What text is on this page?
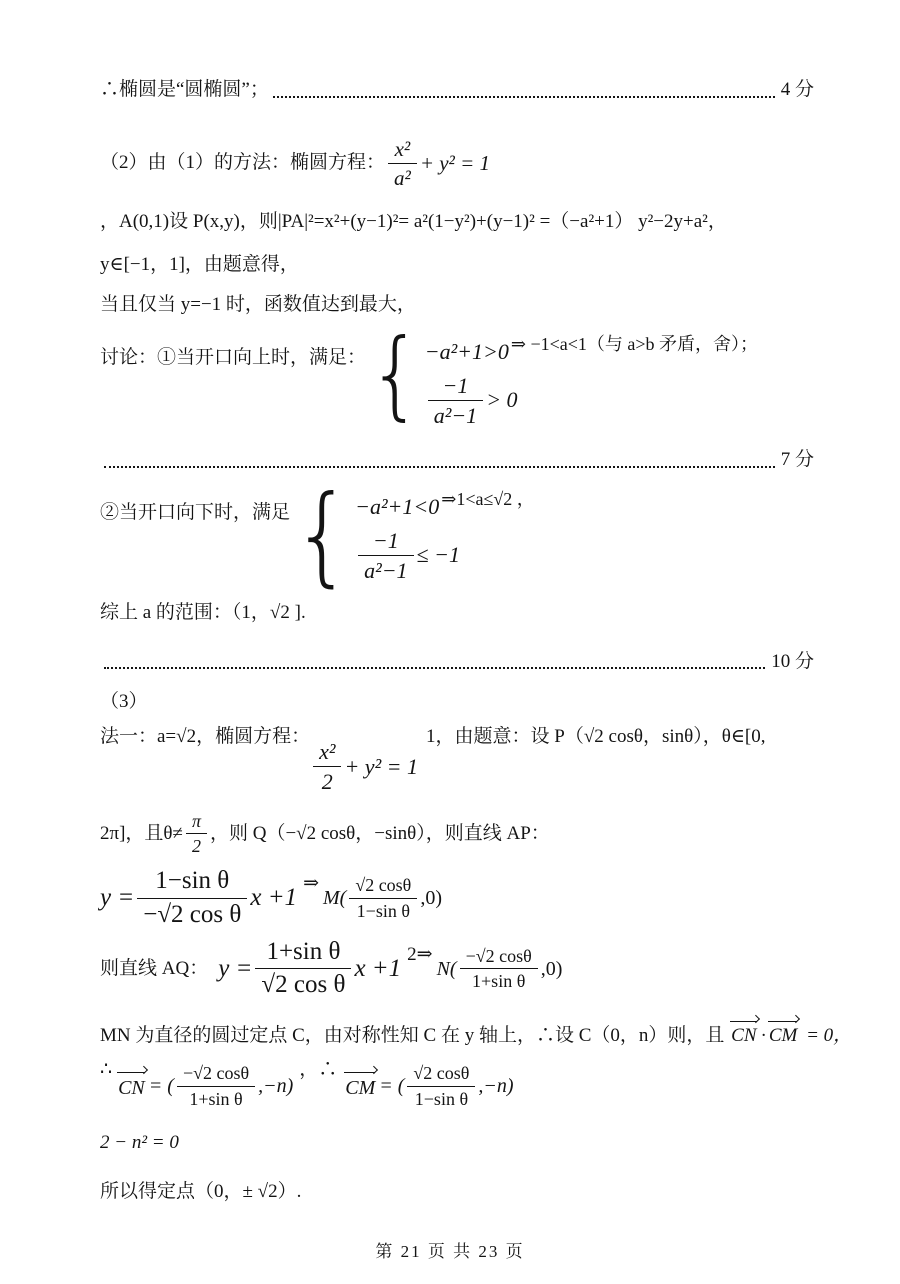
∴椭圆是“圆椭圆”；	4 分
（2）由（1）的方法：椭圆方程： $\frac{\text{x²}}{\text{a²}} + y^2 = 1$
，A(0,1)设 P(x,y)，则|PA|²=x²+(y−1)²= a²(1−y²)+(y−1)² =（−a²+1） y²−2y+a²，
y∈[−1，1]，由题意得，
当且仅当 y=−1 时，函数值达到最大，
讨论：①当开口向上时，满足： { −a²+1>0 ⇒ −1<a<1（与 a>b 矛盾，舍）；
$\frac{-1}{\text{a²−1}} > 0$
7 分
②当开口向下时，满足 { −a²+1<0 ⇒1<a≤√2 ，
$\frac{-1}{\text{a²−1}} \le -1$
综上 a 的范围：（1，√2 ].
10 分
（3）
法一：a=√2，椭圆方程：
$\frac{\text{x²}}{2} + y^2 = 1$
1，由题意：设 P（√2 cosθ，sinθ），θ∈[0,
2π]，且$\theta\ne \frac{\pi}{2}$ ，则 Q（−√2 cosθ，−sinθ），则直线 AP：
$y = \frac{\text{1−sin θ}}{\text{−√2 cos θ}}$ x +1
⇒
$M( \frac{√2 \cos\theta}{\text{1−sin θ}} ,0)$
则直线 AQ： $y = \frac{\text{1+sin θ}}{\text{√2 cos θ}}$ x +1
2⇒
$N( \frac{-√2 \cos\theta}{\text{1+sin θ}} ,0)$
MN 为直径的圆过定点 C，由对称性知 C 在 y 轴上，∴设 C（0，n）则，且 CN · CM = 0，
∴
CN = ( $\frac{-√2 \cos\theta}{\text{1+sin θ}} ,-n$)
，∴
CM = ( $\frac{√2 \cos\theta}{\text{1−sin θ}} ,-n$)
2 − n² = 0
所以得定点（0，± √2）.
第 21 页 共 23 页
